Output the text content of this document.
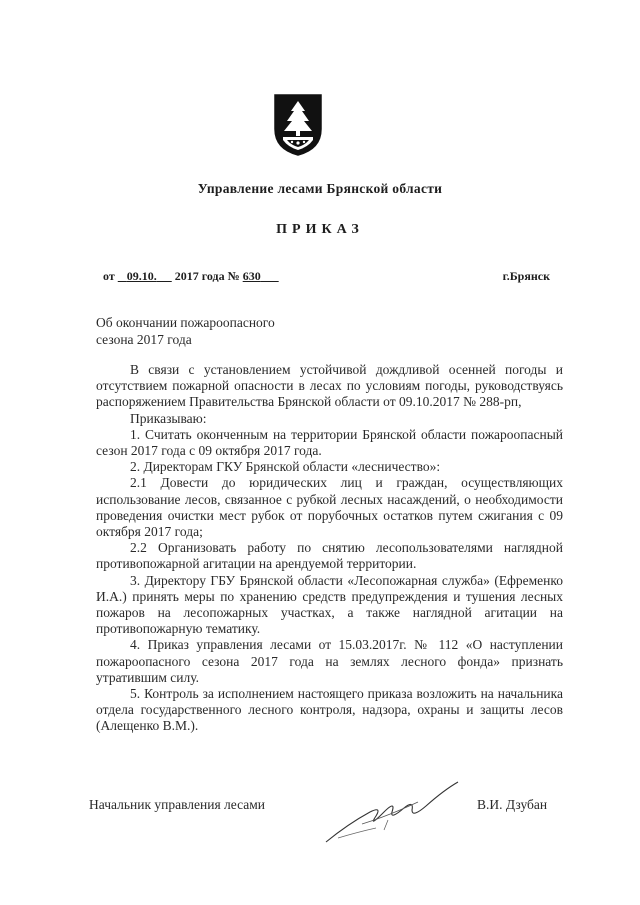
Управление лесами Брянской области
ПРИКАЗ
от 09.10. 2017 года № 630	г.Брянск
Об окончании пожароопасного
сезона 2017 года

В связи с установлением устойчивой дождливой осенней погоды и отсутствием пожарной опасности в лесах по условиям погоды, руководствуясь распоряжением Правительства Брянской области от 09.10.2017 № 288-рп,

Приказываю:

1. Считать оконченным на территории Брянской области пожароопасный сезон 2017 года с 09 октября 2017 года.

2. Директорам ГКУ Брянской области «лесничество»:

2.1 Довести до юридических лиц и граждан, осуществляющих использование лесов, связанное с рубкой лесных насаждений, о необходимости проведения очистки мест рубок от порубочных остатков путем сжигания с 09 октября 2017 года;

2.2 Организовать работу по снятию лесопользователями наглядной противопожарной агитации на арендуемой территории.

3. Директору ГБУ Брянской области «Лесопожарная служба» (Ефременко И.А.) принять меры по хранению средств предупреждения и тушения лесных пожаров на лесопожарных участках, а также наглядной агитации на противопожарную тематику.

4. Приказ управления лесами от 15.03.2017г. № 112 «О наступлении пожароопасного сезона 2017 года на землях лесного фонда» признать утратившим силу.

5. Контроль за исполнением настоящего приказа возложить на начальника отдела государственного лесного контроля, надзора, охраны и защиты лесов (Алещенко В.М.).

Начальник управления лесами	В.И. Дзубан
